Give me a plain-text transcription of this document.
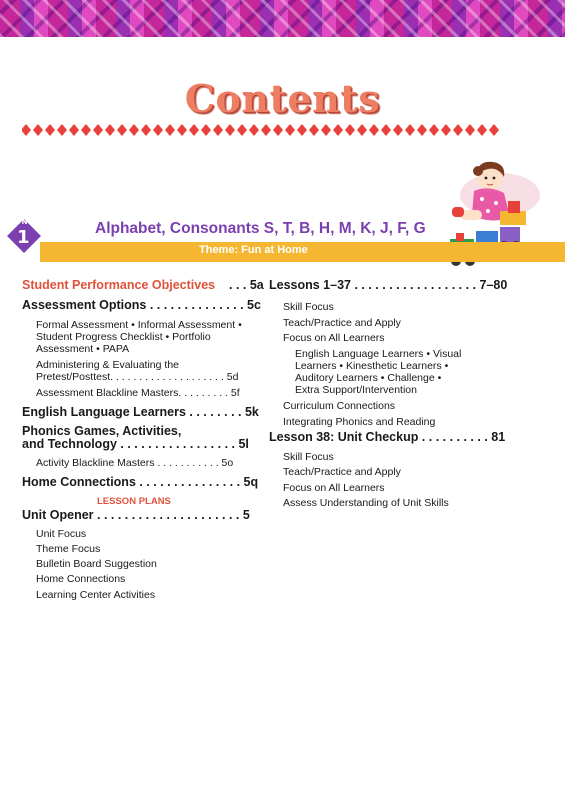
Contents
UNIT
1	Alphabet, Consonants S, T, B, H, M, K, J, F, G
Theme: Fun at Home
Student Performance Objectives . . . 5a
Assessment Options . . . . . . . . . . . . . . 5c
Formal Assessment • Informal Assessment •
Student Progress Checklist • Portfolio
Assessment • PAPA
Administering & Evaluating the
Pretest/Posttest. . . . . . . . . . . . . . . . . . . . 5d
Assessment Blackline Masters. . . . . . . . . 5f
English Language Learners . . . . . . . . 5k
Phonics Games, Activities,
and Technology . . . . . . . . . . . . . . . . . 5l
Activity Blackline Masters . . . . . . . . . . . 5o
Home Connections . . . . . . . . . . . . . . . 5q
LESSON PLANS
Unit Opener . . . . . . . . . . . . . . . . . . . . . 5
Unit Focus
Theme Focus
Bulletin Board Suggestion
Home Connections
Learning Center Activities
Lessons 1–37 . . . . . . . . . . . . . . . . . . 7–80
Skill Focus
Teach/Practice and Apply
Focus on All Learners
English Language Learners • Visual
Learners • Kinesthetic Learners •
Auditory Learners • Challenge •
Extra Support/Intervention
Curriculum Connections
Integrating Phonics and Reading
Lesson 38: Unit Checkup . . . . . . . . . . 81
Skill Focus
Teach/Practice and Apply
Focus on All Learners
Assess Understanding of Unit Skills
